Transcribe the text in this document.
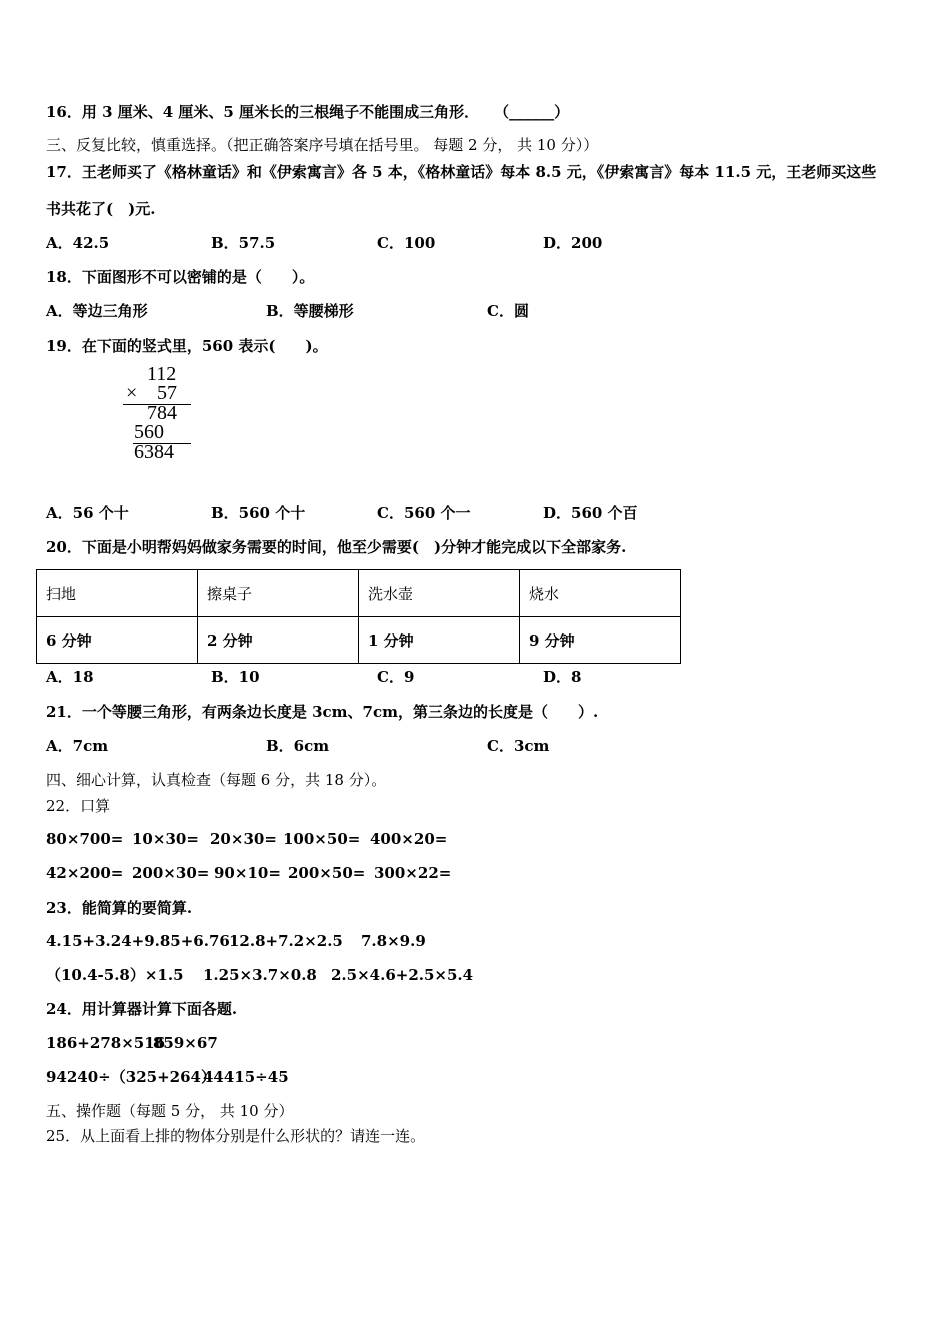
16．用 3 厘米、4 厘米、5 厘米长的三根绳子不能围成三角形．　　（______）
三、反复比较，慎重选择。（把正确答案序号填在括号里。 每题 2 分， 共 10 分））
17．王老师买了《格林童话》和《伊索寓言》各 5 本，《格林童话》每本 8.5 元，《伊索寓言》每本 11.5 元，王老师买这些
书共花了(　)元.
A．42.5	B．57.5	C．100	D．200
18．下面图形不可以密铺的是（　　）。
A．等边三角形	B．等腰梯形	C．圆
19．在下面的竖式里，560 表示(　　)。
112
× 57
784
560
6384
A．56 个十	B．560 个十	C．560 个一	D．560 个百
20．下面是小明帮妈妈做家务需要的时间，他至少需要(　)分钟才能完成以下全部家务.
扫地	擦桌子	洗水壶	烧水
6 分钟	2 分钟	1 分钟	9 分钟
A．18	B．10	C．9	D．8
21．一个等腰三角形，有两条边长度是 3cm、7cm，第三条边的长度是（　　）.
A．7cm	B．6cm	C．3cm
四、细心计算，认真检查（每题 6 分，共 18 分）。
22．口算
80×700= 10×30= 20×30= 100×50= 400×20=
42×200= 200×30= 90×10= 200×50= 300×22=
23．能简算的要简算.
4.15+3.24+9.85+6.76 12.8+7.2×2.5 7.8×9.9
（10.4-5.8）×1.5 1.25×3.7×0.8 2.5×4.6+2.5×5.4
24．用计算器计算下面各题.
186+278×516
859×67
94240÷（325+264）
44415÷45
五、操作题（每题 5 分， 共 10 分）
25．从上面看上排的物体分别是什么形状的？请连一连。
